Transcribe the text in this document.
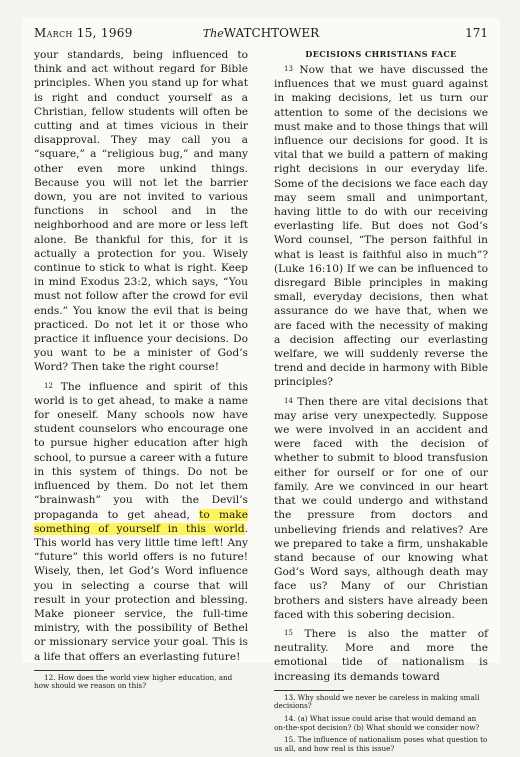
March 15, 1969	TheWATCHTOWER	171

your standards, being influenced to think and act without regard for Bible principles. When you stand up for what is right and conduct yourself as a Christian, fellow students will often be cutting and at times vicious in their disapproval. They may call you a “square,” a “religious bug,” and many other even more unkind things. Because you will not let the barrier down, you are not invited to various functions in school and in the neighborhood and are more or less left alone. Be thankful for this, for it is actually a protection for you. Wisely continue to stick to what is right. Keep in mind Exodus 23:2, which says, “You must not follow after the crowd for evil ends.” You know the evil that is being practiced. Do not let it or those who practice it influence your decisions. Do you want to be a minister of God’s Word? Then take the right course!

12 The influence and spirit of this world is to get ahead, to make a name for oneself. Many schools now have student counselors who encourage one to pursue higher education after high school, to pursue a career with a future in this system of things. Do not be influenced by them. Do not let them “brainwash” you with the Devil’s propaganda to get ahead, to make something of yourself in this world. This world has very little time left! Any “future” this world offers is no future! Wisely, then, let God’s Word influence you in selecting a course that will result in your protection and blessing. Make pioneer service, the full-time ministry, with the possibility of Bethel or missionary service your goal. This is a life that offers an everlasting future!

12. How does the world view higher education, and how should we reason on this?

DECISIONS CHRISTIANS FACE

13 Now that we have discussed the influences that we must guard against in making decisions, let us turn our attention to some of the decisions we must make and to those things that will influence our decisions for good. It is vital that we build a pattern of making right decisions in our everyday life. Some of the decisions we face each day may seem small and unimportant, having little to do with our receiving everlasting life. But does not God’s Word counsel, “The person faithful in what is least is faithful also in much”? (Luke 16:10) If we can be influenced to disregard Bible principles in making small, everyday decisions, then what assurance do we have that, when we are faced with the necessity of making a decision affecting our everlasting welfare, we will suddenly reverse the trend and decide in harmony with Bible principles?

14 Then there are vital decisions that may arise very unexpectedly. Suppose we were involved in an accident and were faced with the decision of whether to submit to blood transfusion either for ourself or for one of our family. Are we convinced in our heart that we could undergo and withstand the pressure from doctors and unbelieving friends and relatives? Are we prepared to take a firm, unshakable stand because of our knowing what God’s Word says, although death may face us? Many of our Christian brothers and sisters have already been faced with this sobering decision.

15 There is also the matter of neutrality. More and more the emotional tide of nationalism is increasing its demands toward

13. Why should we never be careless in making small decisions?

14. (a) What issue could arise that would demand an on-the-spot decision? (b) What should we consider now?

15. The influence of nationalism poses what question to us all, and how real is this issue?
